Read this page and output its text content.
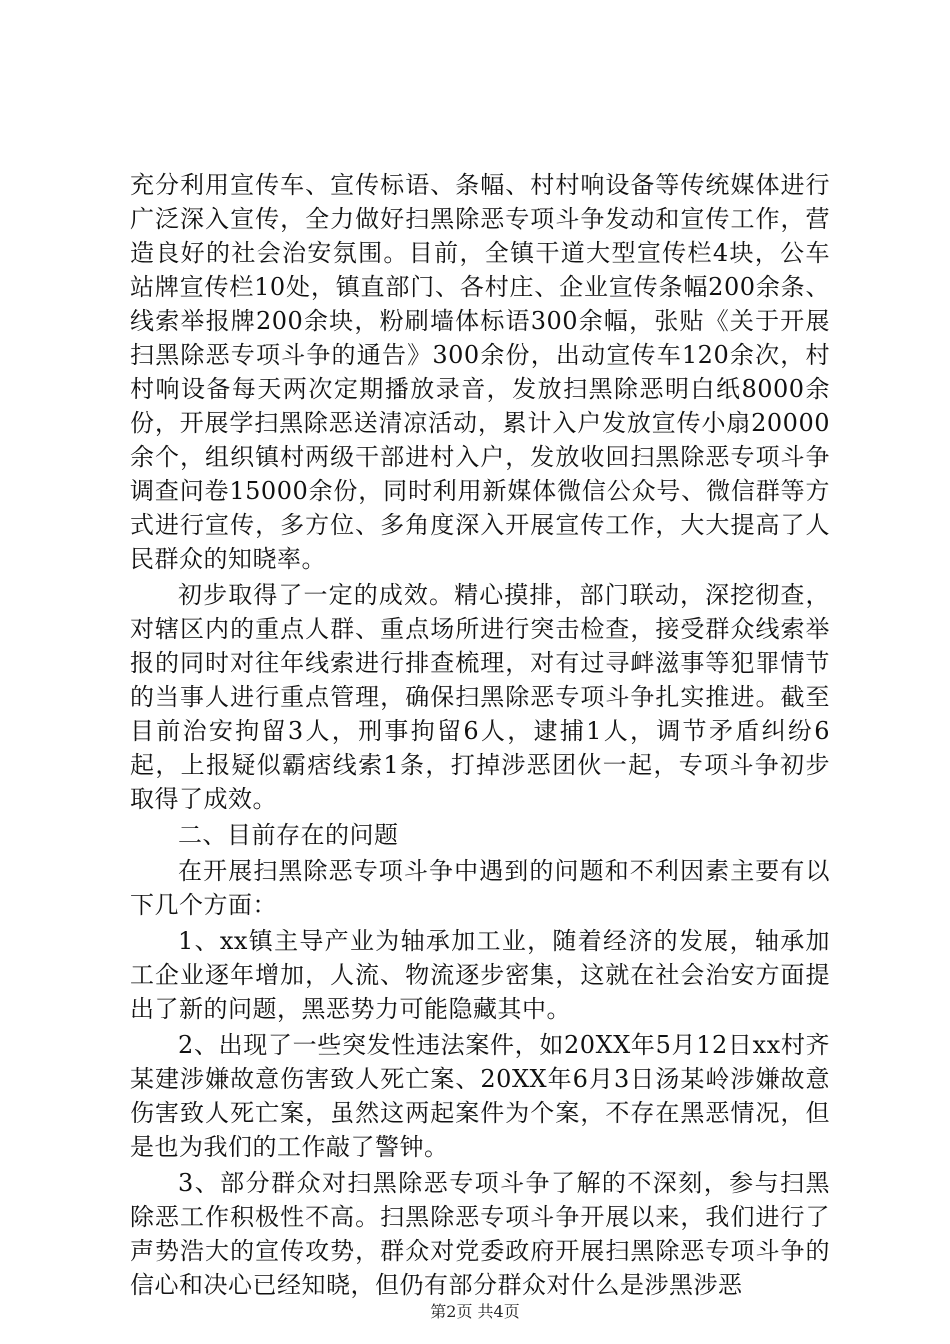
充分利用宣传车、宣传标语、条幅、村村响设备等传统媒体进行广泛深入宣传，全力做好扫黑除恶专项斗争发动和宣传工作，营造良好的社会治安氛围。目前，全镇干道大型宣传栏4块，公车站牌宣传栏10处，镇直部门、各村庄、企业宣传条幅200余条、线索举报牌200余块，粉刷墙体标语300余幅，张贴《关于开展扫黑除恶专项斗争的通告》300余份，出动宣传车120余次，村村响设备每天两次定期播放录音，发放扫黑除恶明白纸8000余份，开展学扫黑除恶送清凉活动，累计入户发放宣传小扇20000余个，组织镇村两级干部进村入户，发放收回扫黑除恶专项斗争调查问卷15000余份，同时利用新媒体微信公众号、微信群等方式进行宣传，多方位、多角度深入开展宣传工作，大大提高了人民群众的知晓率。

初步取得了一定的成效。精心摸排，部门联动，深挖彻查，对辖区内的重点人群、重点场所进行突击检查，接受群众线索举报的同时对往年线索进行排查梳理，对有过寻衅滋事等犯罪情节的当事人进行重点管理，确保扫黑除恶专项斗争扎实推进。截至目前治安拘留3人，刑事拘留6人，逮捕1人，调节矛盾纠纷6起，上报疑似霸痞线索1条，打掉涉恶团伙一起，专项斗争初步取得了成效。

二、目前存在的问题

在开展扫黑除恶专项斗争中遇到的问题和不利因素主要有以下几个方面：

1、xx镇主导产业为轴承加工业，随着经济的发展，轴承加工企业逐年增加，人流、物流逐步密集，这就在社会治安方面提出了新的问题，黑恶势力可能隐藏其中。

2、出现了一些突发性违法案件，如20XX年5月12日xx村齐某建涉嫌故意伤害致人死亡案、20XX年6月3日汤某岭涉嫌故意伤害致人死亡案，虽然这两起案件为个案，不存在黑恶情况，但是也为我们的工作敲了警钟。

3、部分群众对扫黑除恶专项斗争了解的不深刻，参与扫黑除恶工作积极性不高。扫黑除恶专项斗争开展以来，我们进行了声势浩大的宣传攻势，群众对党委政府开展扫黑除恶专项斗争的信心和决心已经知晓，但仍有部分群众对什么是涉黑涉恶

第2页 共4页
